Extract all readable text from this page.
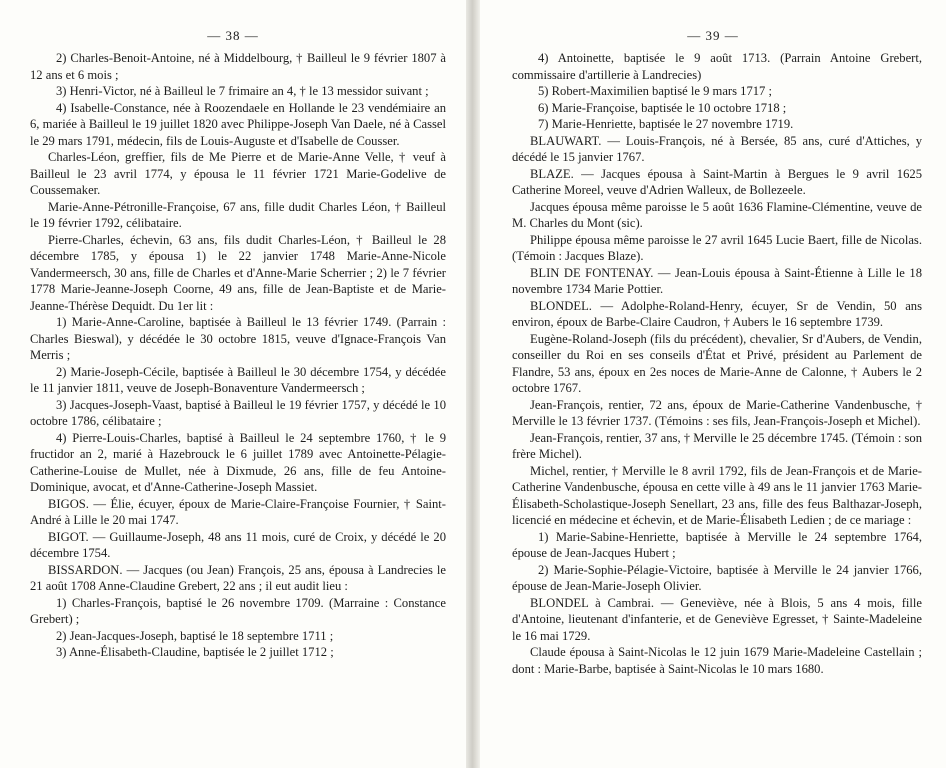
— 38 —

2) Charles-Benoit-Antoine, né à Middelbourg, † Bailleul le 9 février 1807 à 12 ans et 6 mois ;

3) Henri-Victor, né à Bailleul le 7 frimaire an 4, † le 13 messidor suivant ;

4) Isabelle-Constance, née à Roozendaele en Hollande le 23 vendémiaire an 6, mariée à Bailleul le 19 juillet 1820 avec Philippe-Joseph Van Daele, né à Cassel le 29 mars 1791, médecin, fils de Louis-Auguste et d'Isabelle de Cousser.

Charles-Léon, greffier, fils de Me Pierre et de Marie-Anne Velle, † veuf à Bailleul le 23 avril 1774, y épousa le 11 février 1721 Marie-Godelive de Coussemaker.

Marie-Anne-Pétronille-Françoise, 67 ans, fille dudit Charles Léon, † Bailleul le 19 février 1792, célibataire.

Pierre-Charles, échevin, 63 ans, fils dudit Charles-Léon, † Bailleul le 28 décembre 1785, y épousa 1) le 22 janvier 1748 Marie-Anne-Nicole Vandermeersch, 30 ans, fille de Charles et d'Anne-Marie Scherrier ; 2) le 7 février 1778 Marie-Jeanne-Joseph Coorne, 49 ans, fille de Jean-Baptiste et de Marie-Jeanne-Thérèse Dequidt. Du 1er lit :

1) Marie-Anne-Caroline, baptisée à Bailleul le 13 février 1749. (Parrain : Charles Bieswal), y décédée le 30 octobre 1815, veuve d'Ignace-François Van Merris ;

2) Marie-Joseph-Cécile, baptisée à Bailleul le 30 décembre 1754, y décédée le 11 janvier 1811, veuve de Joseph-Bonaventure Vandermeersch ;

3) Jacques-Joseph-Vaast, baptisé à Bailleul le 19 février 1757, y décédé le 10 octobre 1786, célibataire ;

4) Pierre-Louis-Charles, baptisé à Bailleul le 24 septembre 1760, † le 9 fructidor an 2, marié à Hazebrouck le 6 juillet 1789 avec Antoinette-Pélagie-Catherine-Louise de Mullet, née à Dixmude, 26 ans, fille de feu Antoine-Dominique, avocat, et d'Anne-Catherine-Joseph Massiet.

BIGOS. — Élie, écuyer, époux de Marie-Claire-Françoise Fournier, † Saint-André à Lille le 20 mai 1747.

BIGOT. — Guillaume-Joseph, 48 ans 11 mois, curé de Croix, y décédé le 20 décembre 1754.

BISSARDON. — Jacques (ou Jean) François, 25 ans, épousa à Landrecies le 21 août 1708 Anne-Claudine Grebert, 22 ans ; il eut audit lieu :

1) Charles-François, baptisé le 26 novembre 1709. (Marraine : Constance Grebert) ;

2) Jean-Jacques-Joseph, baptisé le 18 septembre 1711 ;

3) Anne-Élisabeth-Claudine, baptisée le 2 juillet 1712 ;

— 39 —

4) Antoinette, baptisée le 9 août 1713. (Parrain Antoine Grebert, commissaire d'artillerie à Landrecies)

5) Robert-Maximilien baptisé le 9 mars 1717 ;

6) Marie-Françoise, baptisée le 10 octobre 1718 ;

7) Marie-Henriette, baptisée le 27 novembre 1719.

BLAUWART. — Louis-François, né à Bersée, 85 ans, curé d'Attiches, y décédé le 15 janvier 1767.

BLAZE. — Jacques épousa à Saint-Martin à Bergues le 9 avril 1625 Catherine Moreel, veuve d'Adrien Walleux, de Bollezeele.

Jacques épousa même paroisse le 5 août 1636 Flamine-Clémentine, veuve de M. Charles du Mont (sic).

Philippe épousa même paroisse le 27 avril 1645 Lucie Baert, fille de Nicolas. (Témoin : Jacques Blaze).

BLIN DE FONTENAY. — Jean-Louis épousa à Saint-Étienne à Lille le 18 novembre 1734 Marie Pottier.

BLONDEL. — Adolphe-Roland-Henry, écuyer, Sr de Vendin, 50 ans environ, époux de Barbe-Claire Caudron, † Aubers le 16 septembre 1739.

Eugène-Roland-Joseph (fils du précédent), chevalier, Sr d'Aubers, de Vendin, conseiller du Roi en ses conseils d'État et Privé, président au Parlement de Flandre, 53 ans, époux en 2es noces de Marie-Anne de Calonne, † Aubers le 2 octobre 1767.

Jean-François, rentier, 72 ans, époux de Marie-Catherine Vandenbusche, † Merville le 13 février 1737. (Témoins : ses fils, Jean-François-Joseph et Michel).

Jean-François, rentier, 37 ans, † Merville le 25 décembre 1745. (Témoin : son frère Michel).

Michel, rentier, † Merville le 8 avril 1792, fils de Jean-François et de Marie-Catherine Vandenbusche, épousa en cette ville à 49 ans le 11 janvier 1763 Marie-Élisabeth-Scholastique-Joseph Senellart, 23 ans, fille des feus Balthazar-Joseph, licencié en médecine et échevin, et de Marie-Élisabeth Ledien ; de ce mariage :

1) Marie-Sabine-Henriette, baptisée à Merville le 24 septembre 1764, épouse de Jean-Jacques Hubert ;

2) Marie-Sophie-Pélagie-Victoire, baptisée à Merville le 24 janvier 1766, épouse de Jean-Marie-Joseph Olivier.

BLONDEL à Cambrai. — Geneviève, née à Blois, 5 ans 4 mois, fille d'Antoine, lieutenant d'infanterie, et de Geneviève Egresset, † Sainte-Madeleine le 16 mai 1729.

Claude épousa à Saint-Nicolas le 12 juin 1679 Marie-Madeleine Castellain ; dont : Marie-Barbe, baptisée à Saint-Nicolas le 10 mars 1680.
